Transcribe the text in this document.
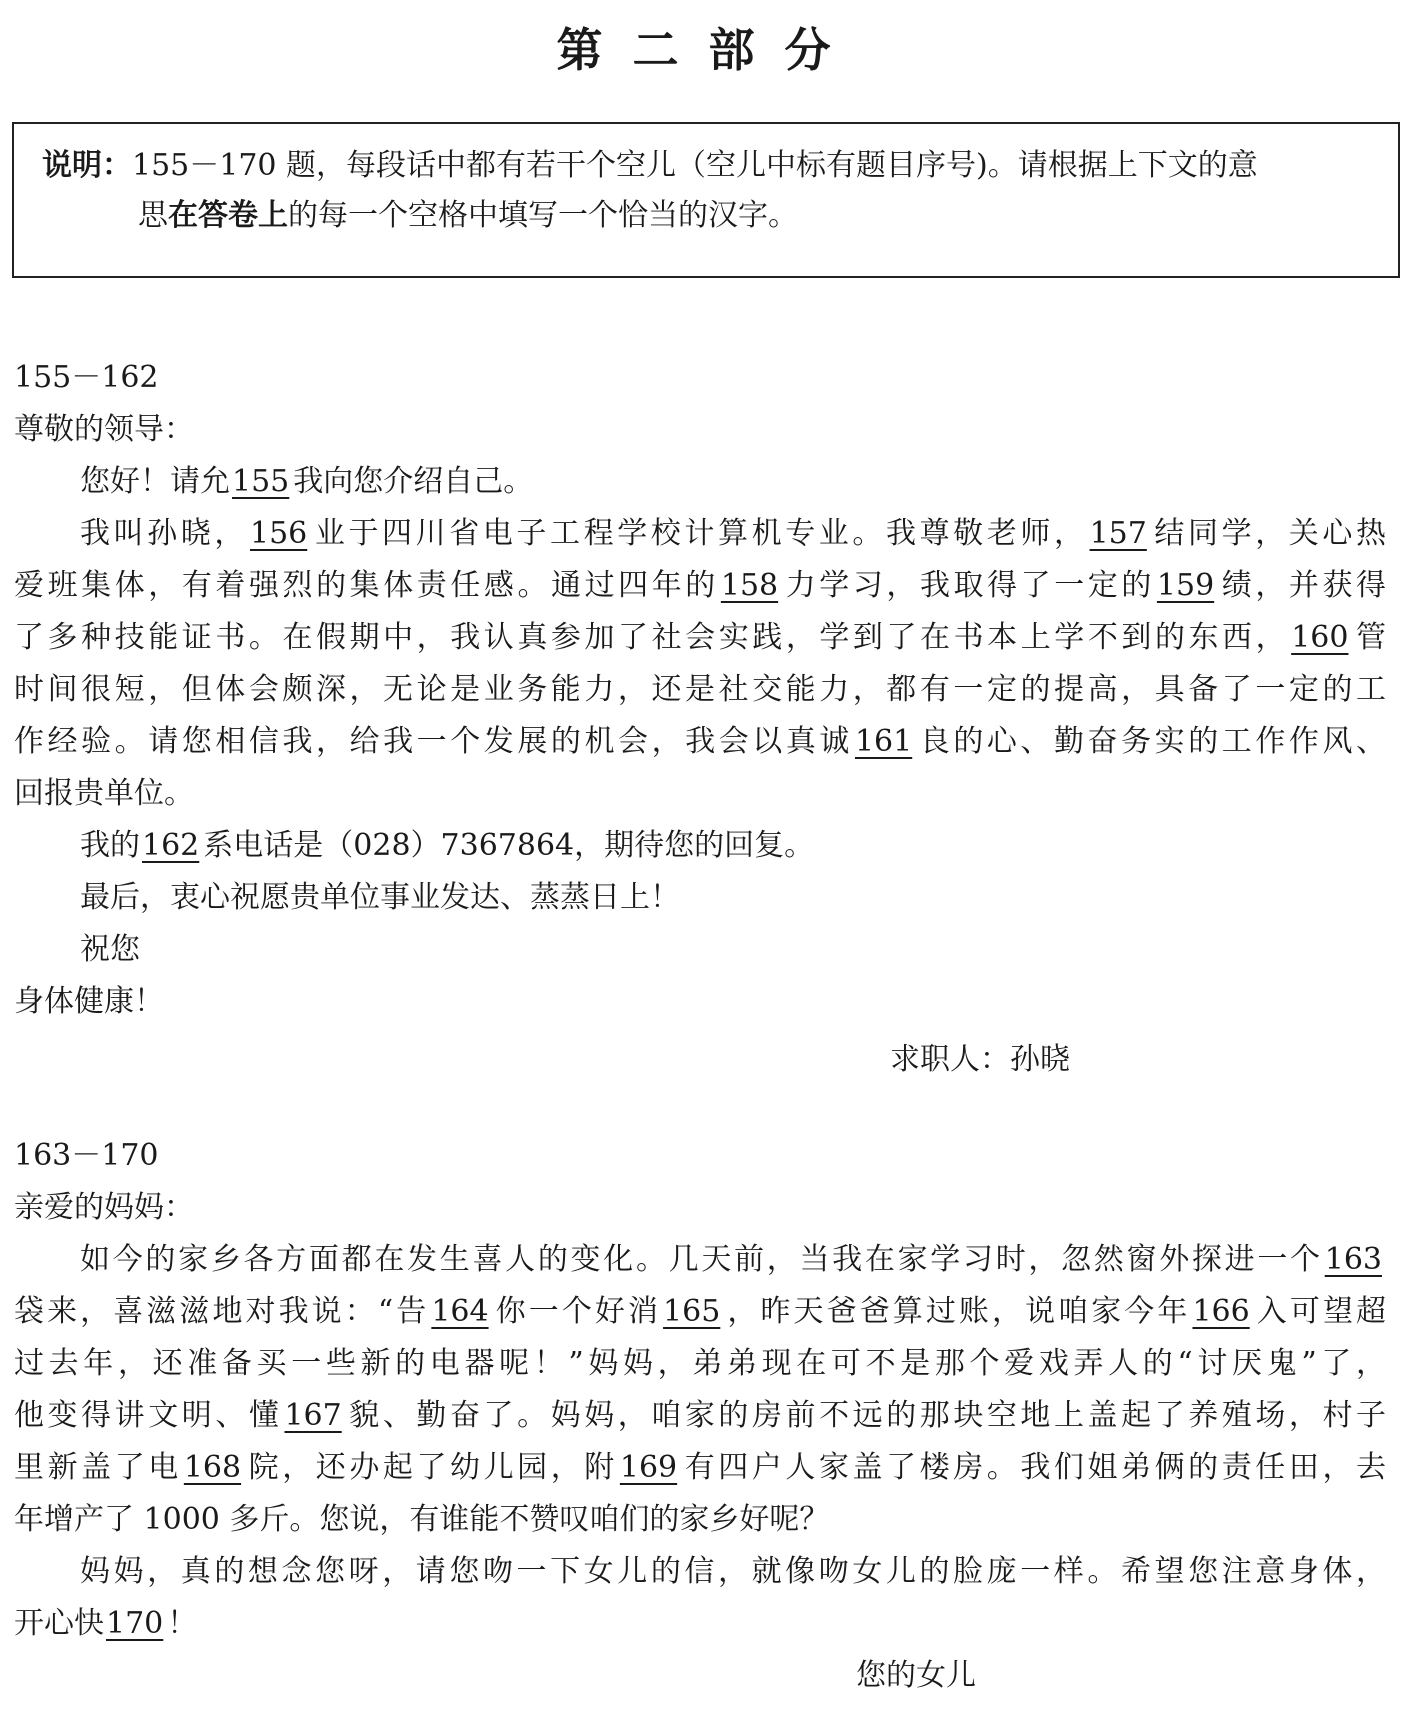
第二部分

说明：155－170 题，每段话中都有若干个空儿（空儿中标有题目序号)。请根据上下文的意

思在答卷上的每一个空格中填写一个恰当的汉字。

155－162
尊敬的领导：
您好！请允155 我向您介绍自己。
我叫孙晓，156 业于四川省电子工程学校计算机专业。我尊敬老师，157 结同学，关心热
爱班集体，有着强烈的集体责任感。通过四年的158 力学习，我取得了一定的159 绩，并获得
了多种技能证书。在假期中，我认真参加了社会实践，学到了在书本上学不到的东西，160 管
时间很短，但体会颇深，无论是业务能力，还是社交能力，都有一定的提高，具备了一定的工
作经验。请您相信我，给我一个发展的机会，我会以真诚161 良的心、勤奋务实的工作作风、
回报贵单位。
我的162 系电话是（028）7367864，期待您的回复。
最后，衷心祝愿贵单位事业发达、蒸蒸日上！
祝您
身体健康！
求职人：孙晓
163－170
亲爱的妈妈：
如今的家乡各方面都在发生喜人的变化。几天前，当我在家学习时，忽然窗外探进一个163
袋来，喜滋滋地对我说：“告164 你一个好消165 ，昨天爸爸算过账，说咱家今年166 入可望超
过去年，还准备买一些新的电器呢！”妈妈，弟弟现在可不是那个爱戏弄人的“讨厌鬼”了，
他变得讲文明、懂167 貌、勤奋了。妈妈，咱家的房前不远的那块空地上盖起了养殖场，村子
里新盖了电168 院，还办起了幼儿园，附169 有四户人家盖了楼房。我们姐弟俩的责任田，去
年增产了 1000 多斤。您说，有谁能不赞叹咱们的家乡好呢？
妈妈，真的想念您呀，请您吻一下女儿的信，就像吻女儿的脸庞一样。希望您注意身体，
开心快170 ！
您的女儿
